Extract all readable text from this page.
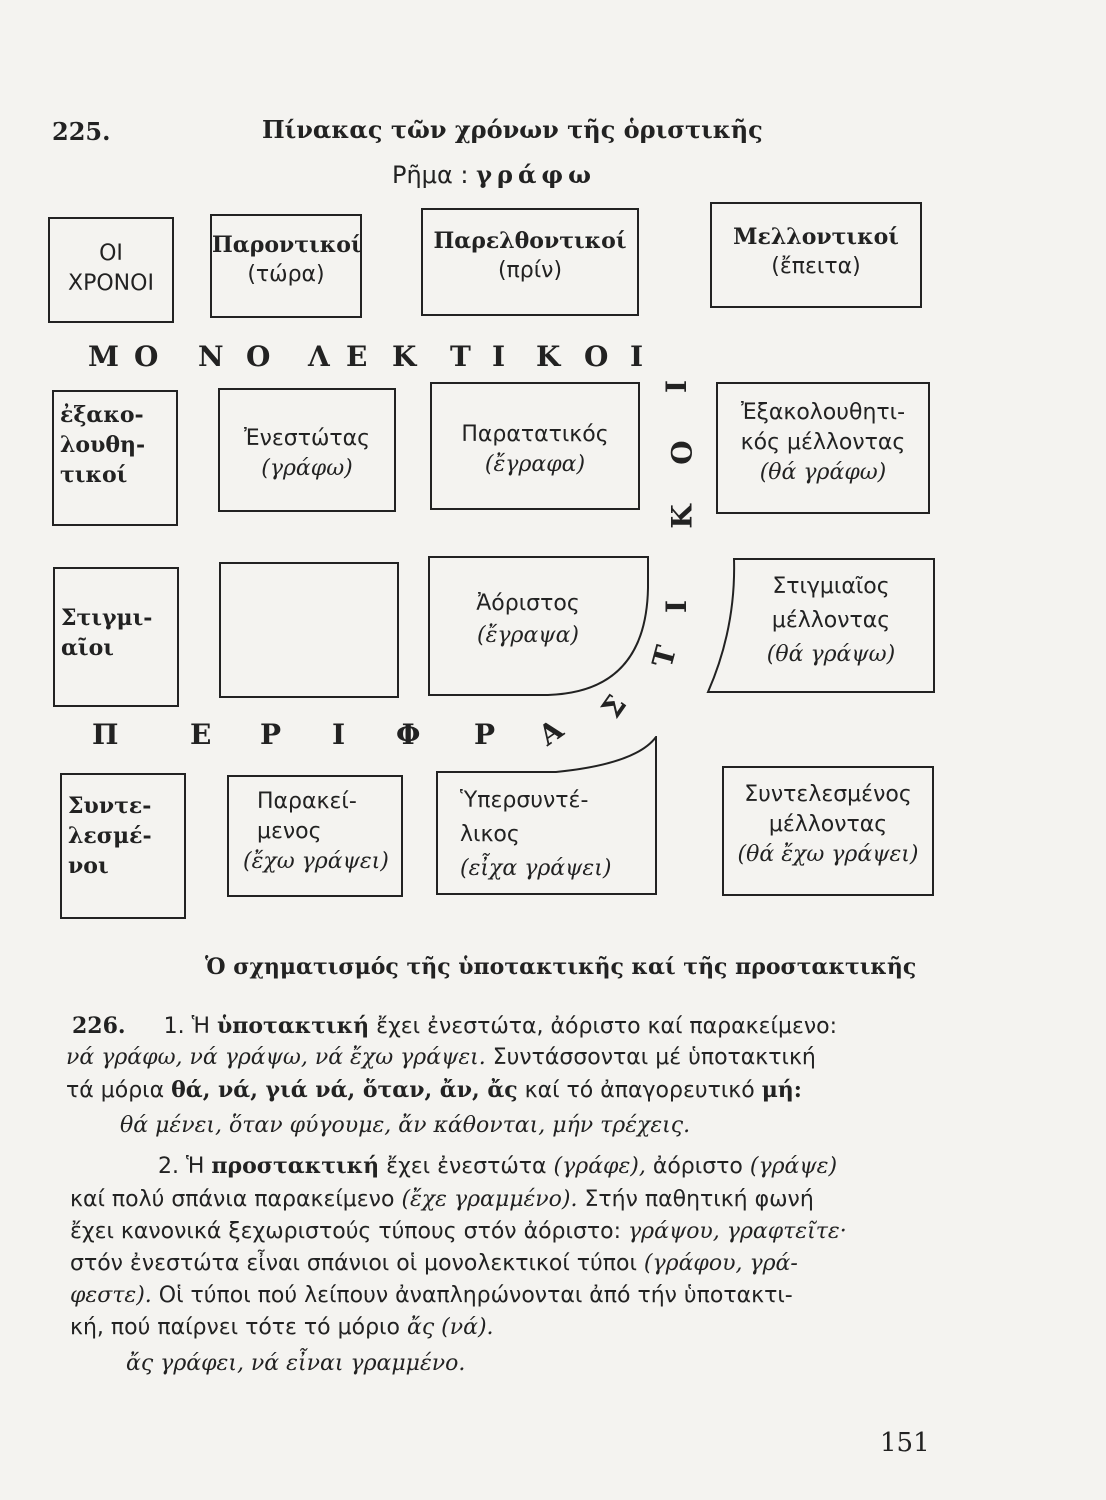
225.	Πίνακας τῶν χρόνων τῆς ὁριστικῆς
Ρῆμα : γράφω
ΟΙ
ΧΡΟΝΟΙ
Παροντικοί
(τώρα)
Παρελθοντικοί
(πρίν)
Μελλοντικοί
(ἔπειτα)
Μ Ο Ν Ο Λ Ε Κ Τ Ι Κ Ο Ι
ἐξακο-
λουθη-
τικοί
Ἐνεστώτας
(γράφω)
Παρατατικός
(ἔγραφα)
Ἐξακολουθητι-
κός μέλλοντας
(θά γράφω)
Στιγμι-
αῖοι
Ἀόριστος
(ἔγραψα)
Στιγμιαῖος
μέλλοντας
(θά γράψω)
Π	Ε Ρ Ι Φ Ρ Α
Σ
Τ
Ι
Κ
Ο
Ι
Συντε-
λεσμέ-
νοι
Παρακεί-
μενος
(ἔχω γράψει)
Ὑπερσυντέ-
λικος
(εἶχα γράψει)
Συντελεσμένος
μέλλοντας
(θά ἔχω γράψει)
Ὁ σχηματισμός τῆς ὑποτακτικῆς καί τῆς προστακτικῆς
226. 1. Ἡ ὑποτακτική ἔχει ἐνεστώτα, ἀόριστο καί παρακείμενο:
νά γράφω, νά γράψω, νά ἔχω γράψει. Συντάσσονται μέ ὑποτακτική
τά μόρια θά, νά, γιά νά, ὅταν, ἄν, ἄς καί τό ἀπαγορευτικό μή:
θά μένει, ὅταν φύγουμε, ἄν κάθονται, μήν τρέχεις.
2. Ἡ προστακτική ἔχει ἐνεστώτα (γράφε), ἀόριστο (γράψε)
καί πολύ σπάνια παρακείμενο (ἔχε γραμμένο). Στήν παθητική φωνή
ἔχει κανονικά ξεχωριστούς τύπους στόν ἀόριστο: γράψου, γραφτεῖτε·
στόν ἐνεστώτα εἶναι σπάνιοι οἱ μονολεκτικοί τύποι (γράφου, γρά-
φεστε). Οἱ τύποι πού λείπουν ἀναπληρώνονται ἀπό τήν ὑποτακτι-
κή, πού παίρνει τότε τό μόριο ἄς (νά).
ἄς γράφει, νά εἶναι γραμμένο.
151
